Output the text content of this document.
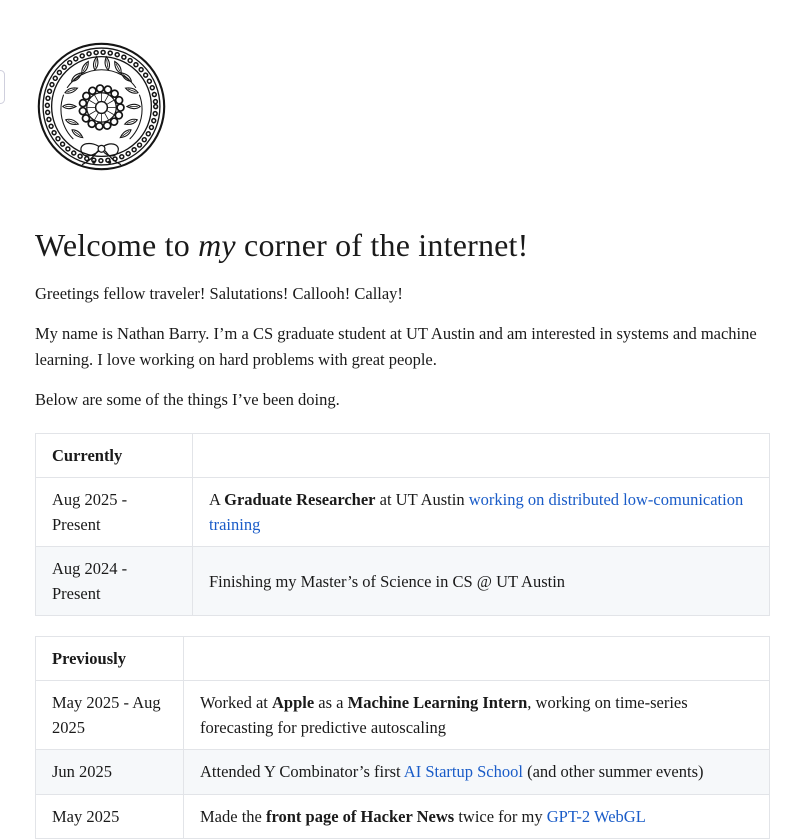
Welcome to my corner of the internet!

Greetings fellow traveler! Salutations! Callooh! Callay!

My name is Nathan Barry. I’m a CS graduate student at UT Austin and am interested in systems and machine learning. I love working on hard problems with great people.

Below are some of the things I’ve been doing.

Currently	
Aug 2025 - Present	A Graduate Researcher at UT Austin working on distributed low-comunication training
Aug 2024 - Present	Finishing my Master’s of Science in CS @ UT Austin
Previously	
May 2025 - Aug 2025	Worked at Apple as a Machine Learning Intern, working on time-series forecasting for predictive autoscaling
Jun 2025	Attended Y Combinator’s first AI Startup School (and other summer events)
May 2025	Made the front page of Hacker News twice for my GPT-2 WebGL
